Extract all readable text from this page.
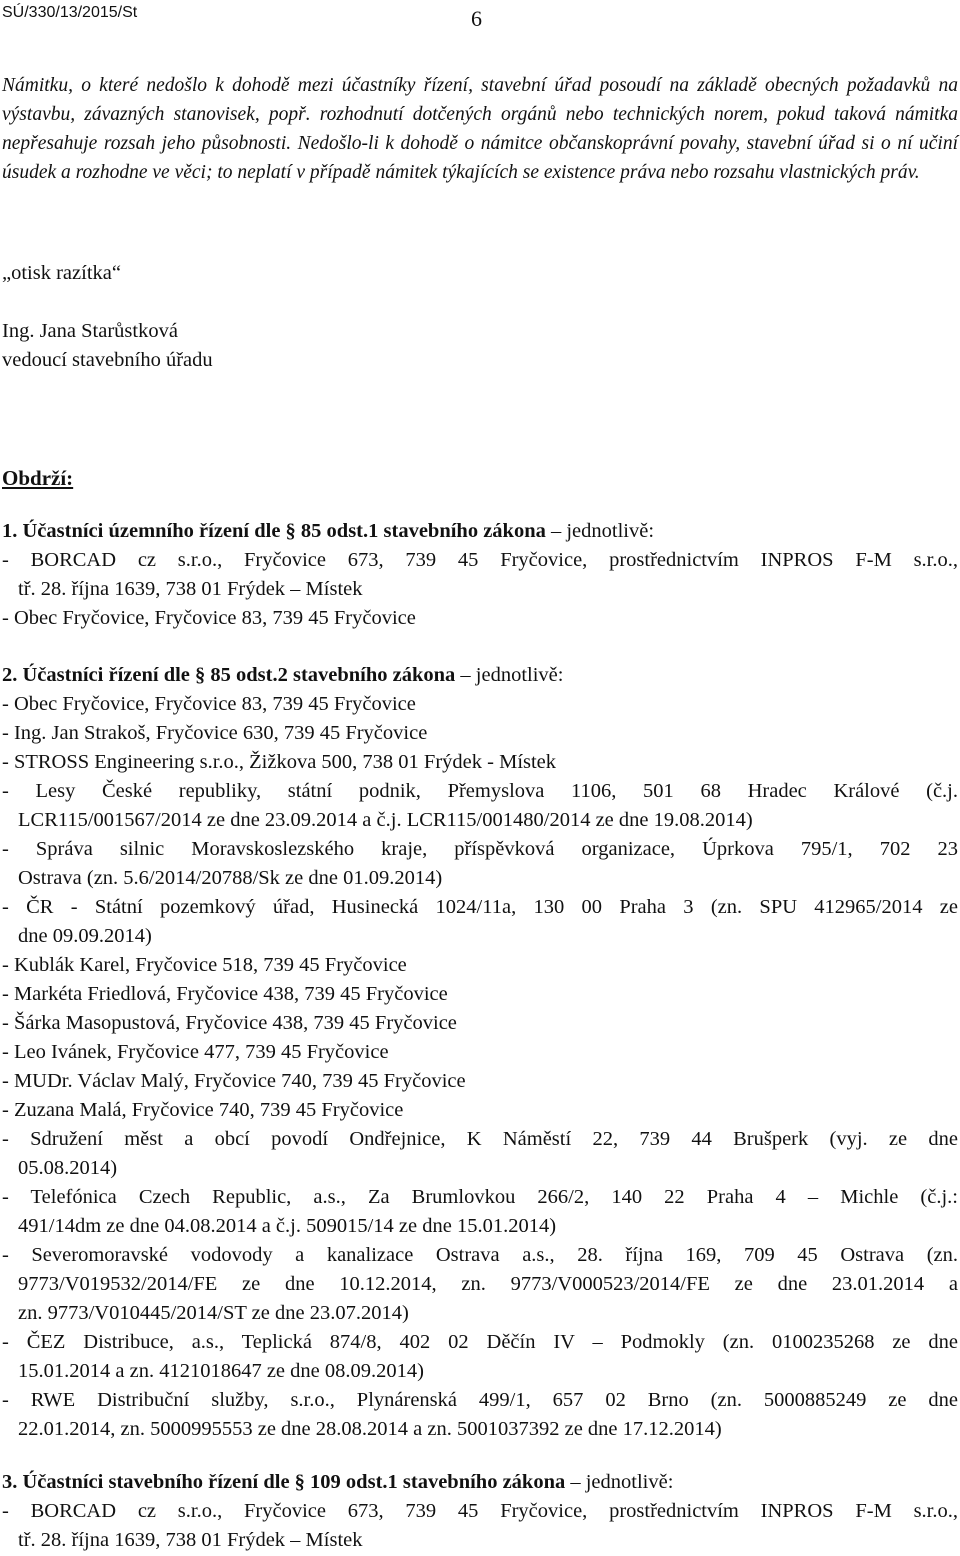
SÚ/330/13/2015/St	6
Námitku, o které nedošlo k dohodě mezi účastníky řízení, stavební úřad posoudí na základě obecných požadavků na výstavbu, závazných stanovisek, popř. rozhodnutí dotčených orgánů nebo technických norem, pokud taková námitka nepřesahuje rozsah jeho působnosti. Nedošlo-li k dohodě o námitce občanskoprávní povahy, stavební úřad si o ní učiní úsudek a rozhodne ve věci; to neplatí v případě námitek týkajících se existence práva nebo rozsahu vlastnických práv.
„otisk razítka“
Ing. Jana Starůstková
vedoucí stavebního úřadu
Obdrží:
1. Účastníci územního řízení dle § 85 odst.1 stavebního zákona – jednotlivě:
- BORCAD cz s.r.o., Fryčovice 673, 739 45 Fryčovice, prostřednictvím INPROS F-M s.r.o.,
tř. 28. října 1639, 738 01 Frýdek – Místek
- Obec Fryčovice, Fryčovice 83, 739 45 Fryčovice
2. Účastníci řízení dle § 85 odst.2 stavebního zákona – jednotlivě:
- Obec Fryčovice, Fryčovice 83, 739 45 Fryčovice
- Ing. Jan Strakoš, Fryčovice 630, 739 45 Fryčovice
- STROSS Engineering s.r.o., Žižkova 500, 738 01 Frýdek - Místek
- Lesy České republiky, státní podnik, Přemyslova 1106, 501 68 Hradec Králové (č.j.
LCR115/001567/2014 ze dne 23.09.2014 a č.j. LCR115/001480/2014 ze dne 19.08.2014)
- Správa silnic Moravskoslezského kraje, příspěvková organizace, Úprkova 795/1, 702 23
Ostrava (zn. 5.6/2014/20788/Sk ze dne 01.09.2014)
- ČR - Státní pozemkový úřad, Husinecká 1024/11a, 130 00 Praha 3 (zn. SPU 412965/2014 ze
dne 09.09.2014)
- Kublák Karel, Fryčovice 518, 739 45 Fryčovice
- Markéta Friedlová, Fryčovice 438, 739 45 Fryčovice
- Šárka Masopustová, Fryčovice 438, 739 45 Fryčovice
- Leo Ivánek, Fryčovice 477, 739 45 Fryčovice
- MUDr. Václav Malý, Fryčovice 740, 739 45 Fryčovice
- Zuzana Malá, Fryčovice 740, 739 45 Fryčovice
- Sdružení měst a obcí povodí Ondřejnice, K Náměstí 22, 739 44 Brušperk (vyj. ze dne
05.08.2014)
- Telefónica Czech Republic, a.s., Za Brumlovkou 266/2, 140 22 Praha 4 – Michle (č.j.:
491/14dm ze dne 04.08.2014 a č.j. 509015/14 ze dne 15.01.2014)
- Severomoravské vodovody a kanalizace Ostrava a.s., 28. října 169, 709 45 Ostrava (zn.
9773/V019532/2014/FE ze dne 10.12.2014, zn. 9773/V000523/2014/FE ze dne 23.01.2014 a
zn. 9773/V010445/2014/ST ze dne 23.07.2014)
- ČEZ Distribuce, a.s., Teplická 874/8, 402 02 Děčín IV – Podmokly (zn. 0100235268 ze dne
15.01.2014 a zn. 4121018647 ze dne 08.09.2014)
- RWE Distribuční služby, s.r.o., Plynárenská 499/1, 657 02 Brno (zn. 5000885249 ze dne
22.01.2014, zn. 5000995553 ze dne 28.08.2014 a zn. 5001037392 ze dne 17.12.2014)
3. Účastníci stavebního řízení dle § 109 odst.1 stavebního zákona – jednotlivě:
- BORCAD cz s.r.o., Fryčovice 673, 739 45 Fryčovice, prostřednictvím INPROS F-M s.r.o.,
tř. 28. října 1639, 738 01 Frýdek – Místek
